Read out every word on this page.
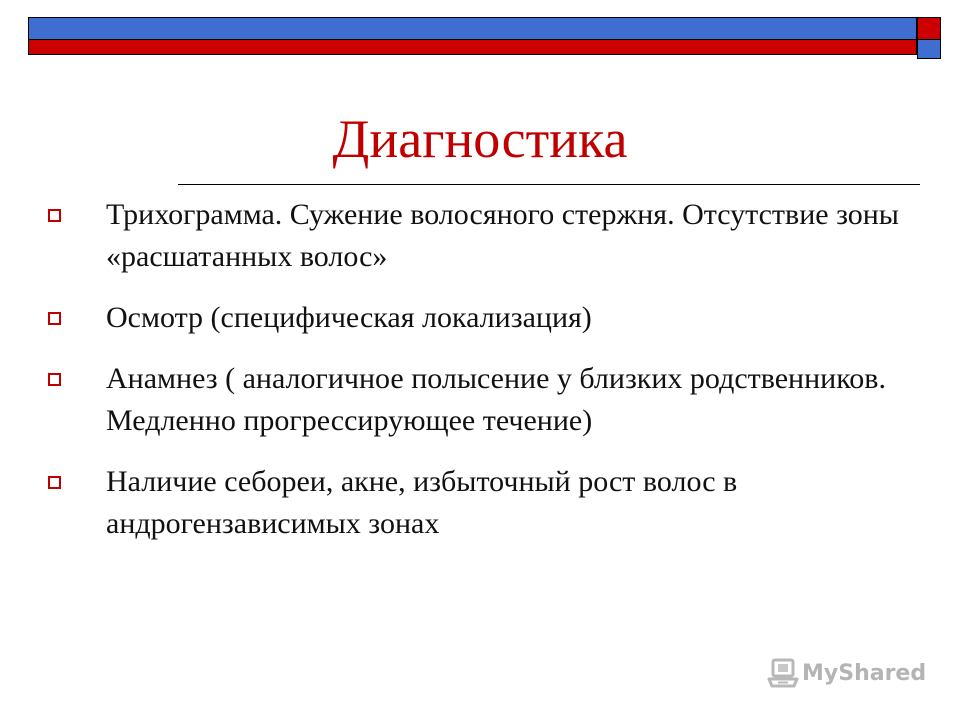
Диагностика
Трихограмма. Сужение волосяного стержня. Отсутствие зоны «расшатанных волос»
Осмотр (специфическая локализация)
Анамнез ( аналогичное полысение у близких родственников. Медленно прогрессирующее течение)
Наличие себореи, акне, избыточный рост волос в андрогензависимых зонах
MyShared
